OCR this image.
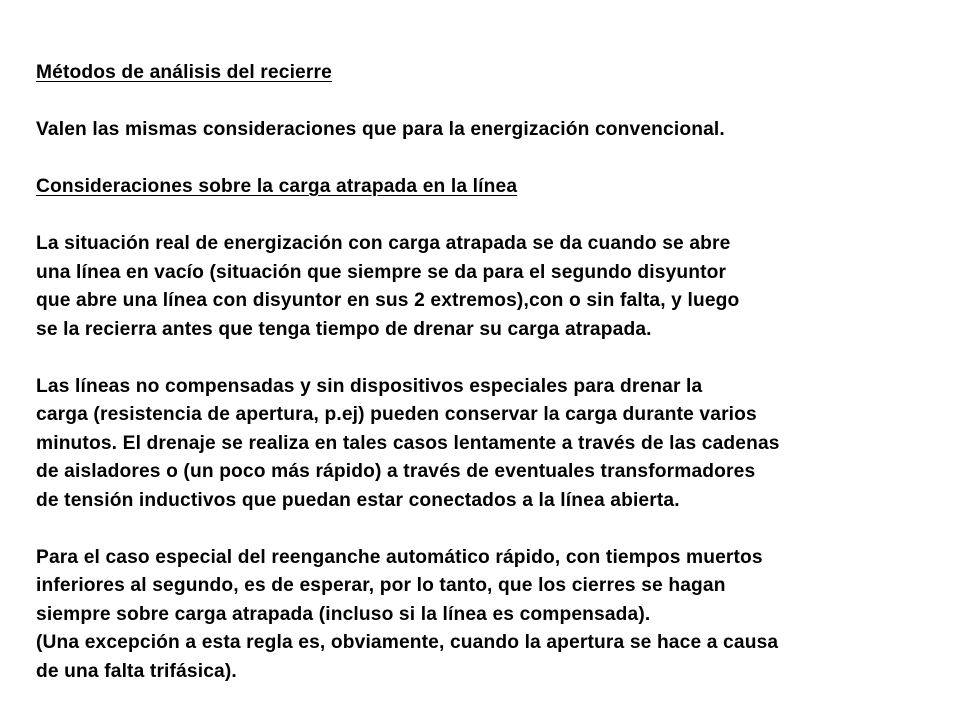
Métodos de análisis del recierre
Valen las mismas consideraciones que para la energización convencional.
Consideraciones sobre la carga atrapada en la línea
La situación real de energización con carga atrapada se da cuando se abre
una línea en vacío (situación que siempre se da para el segundo disyuntor
que abre una línea con disyuntor en sus 2 extremos),con o sin falta, y luego
se la recierra antes que tenga tiempo de drenar su carga atrapada.
Las líneas no compensadas y sin dispositivos especiales para drenar la
carga (resistencia de apertura, p.ej) pueden conservar la carga durante varios
minutos. El drenaje se realiza en tales casos lentamente a través de las cadenas
de aisladores o (un poco más rápido) a través de eventuales transformadores
de tensión inductivos que puedan estar conectados a la línea abierta.
Para el caso especial del reenganche automático rápido, con tiempos muertos
inferiores al segundo, es de esperar, por lo tanto, que los cierres se hagan
siempre sobre carga atrapada (incluso si la línea es compensada).
(Una excepción a esta regla es, obviamente, cuando la apertura se hace a causa
de una falta trifásica).
